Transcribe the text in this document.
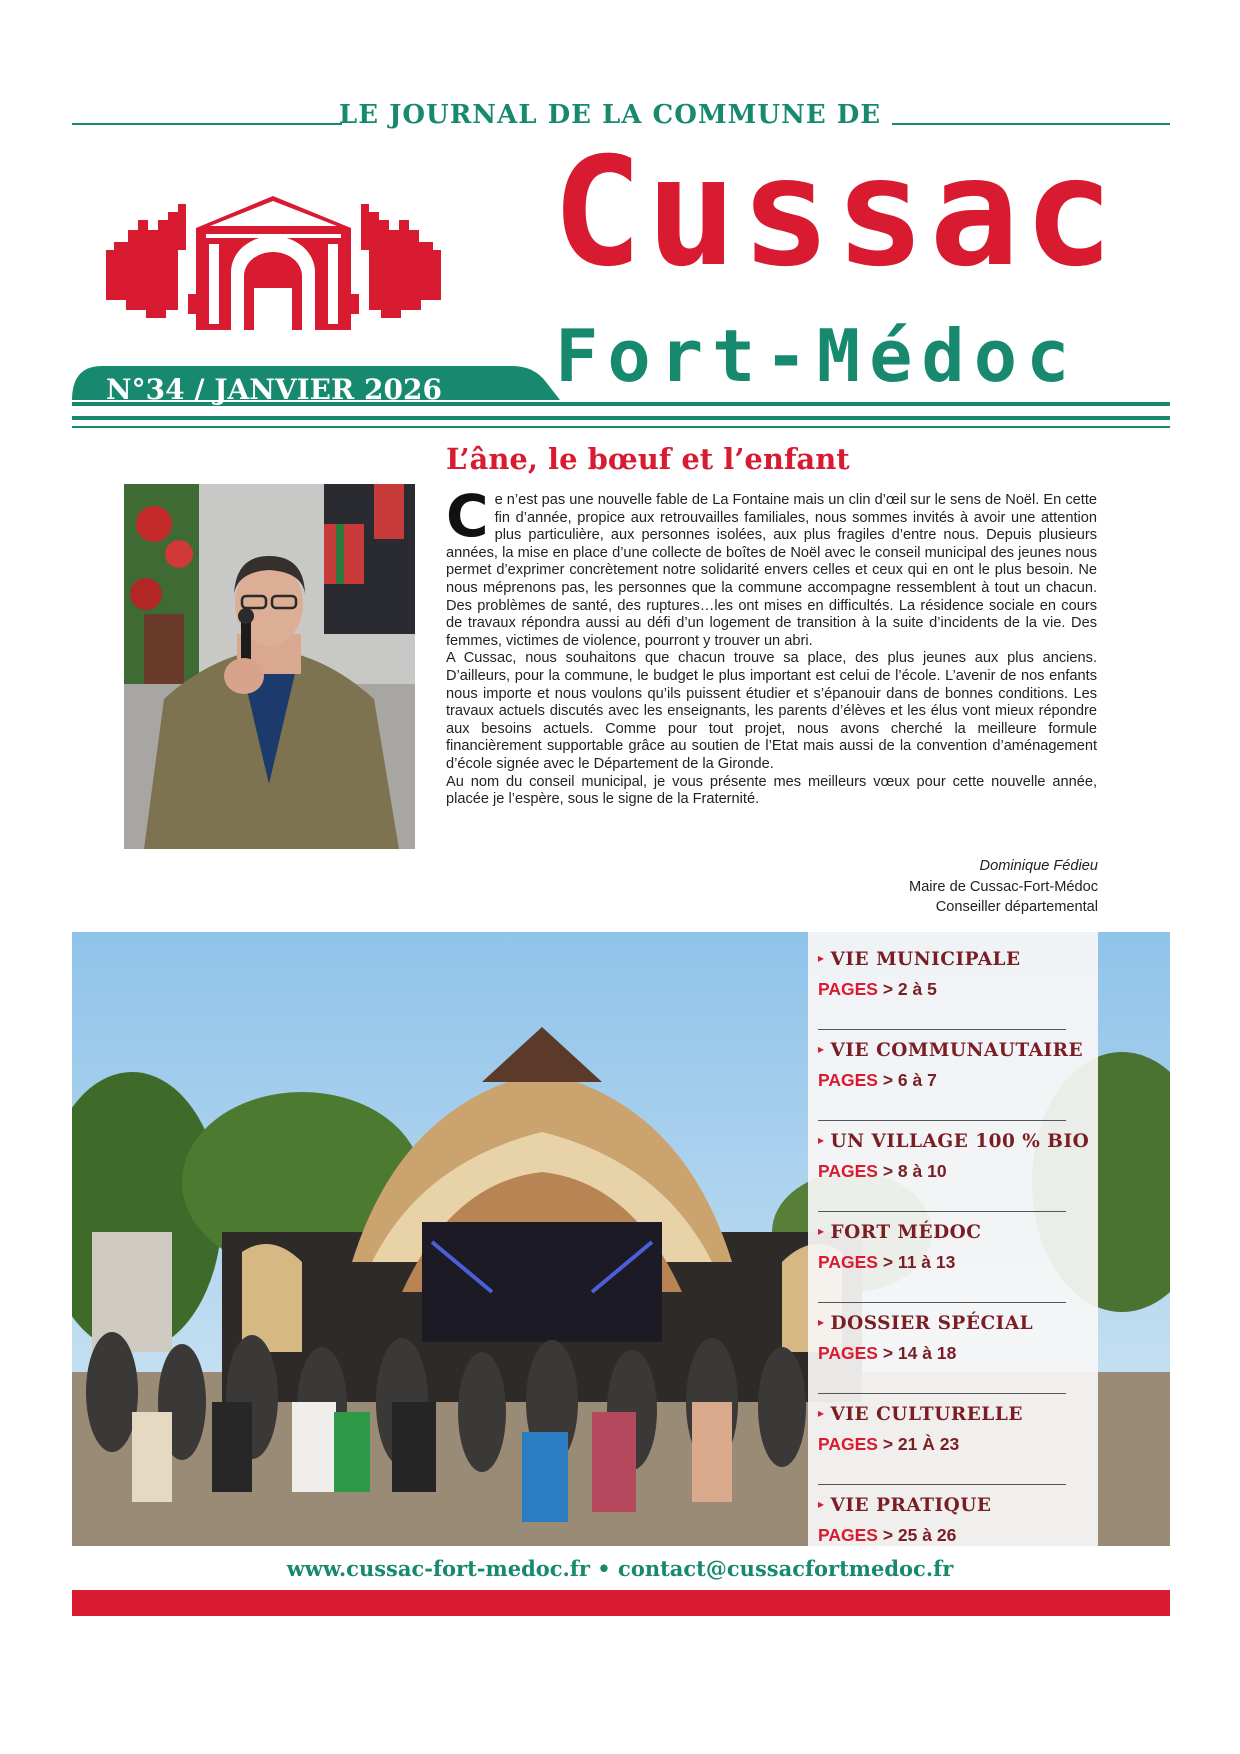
LE JOURNAL DE LA COMMUNE DE
Cussac
Fort-Médoc
N°34 / JANVIER 2026
L’âne, le bœuf et l’enfant

Ce n’est pas une nouvelle fable de La Fontaine mais un clin d’œil sur le sens de Noël. En cette fin d’année, propice aux retrouvailles familiales, nous sommes invités à avoir une attention plus particulière, aux personnes isolées, aux plus fragiles d’entre nous. Depuis plusieurs années, la mise en place d’une collecte de boîtes de Noël avec le conseil municipal des jeunes nous permet d’exprimer concrètement notre solidarité envers celles et ceux qui en ont le plus besoin. Ne nous méprenons pas, les personnes que la commune accompagne ressemblent à tout un chacun. Des problèmes de santé, des ruptures…les ont mises en difficultés. La résidence sociale en cours de travaux répondra aussi au défi d’un logement de transition à la suite d’incidents de la vie. Des femmes, victimes de violence, pourront y trouver un abri.

A Cussac, nous souhaitons que chacun trouve sa place, des plus jeunes aux plus anciens. D’ailleurs, pour la commune, le budget le plus important est celui de l’école. L’avenir de nos enfants nous importe et nous voulons qu’ils puissent étudier et s’épanouir dans de bonnes conditions. Les travaux actuels discutés avec les enseignants, les parents d’élèves et les élus vont mieux répondre aux besoins actuels. Comme pour tout projet, nous avons cherché la meilleure formule financièrement supportable grâce au soutien de l’Etat mais aussi de la convention d’aménagement d’école signée avec le Département de la Gironde.

Au nom du conseil municipal, je vous présente mes meilleurs vœux pour cette nouvelle année, placée je l’espère, sous le signe de la Fraternité.

Dominique Fédieu
Maire de Cussac-Fort-Médoc
Conseiller départemental
▸ VIE MUNICIPALE
PAGES > 2 à 5
▸ VIE COMMUNAUTAIRE
PAGES > 6 à 7
▸ UN VILLAGE 100 % BIO
PAGES > 8 à 10
▸ FORT MÉDOC
PAGES > 11 à 13
▸ DOSSIER SPÉCIAL
PAGES > 14 à 18
▸ VIE CULTURELLE
PAGES > 21 À 23
▸ VIE PRATIQUE
PAGES > 25 à 26
www.cussac-fort-medoc.fr • contact@cussacfortmedoc.fr
